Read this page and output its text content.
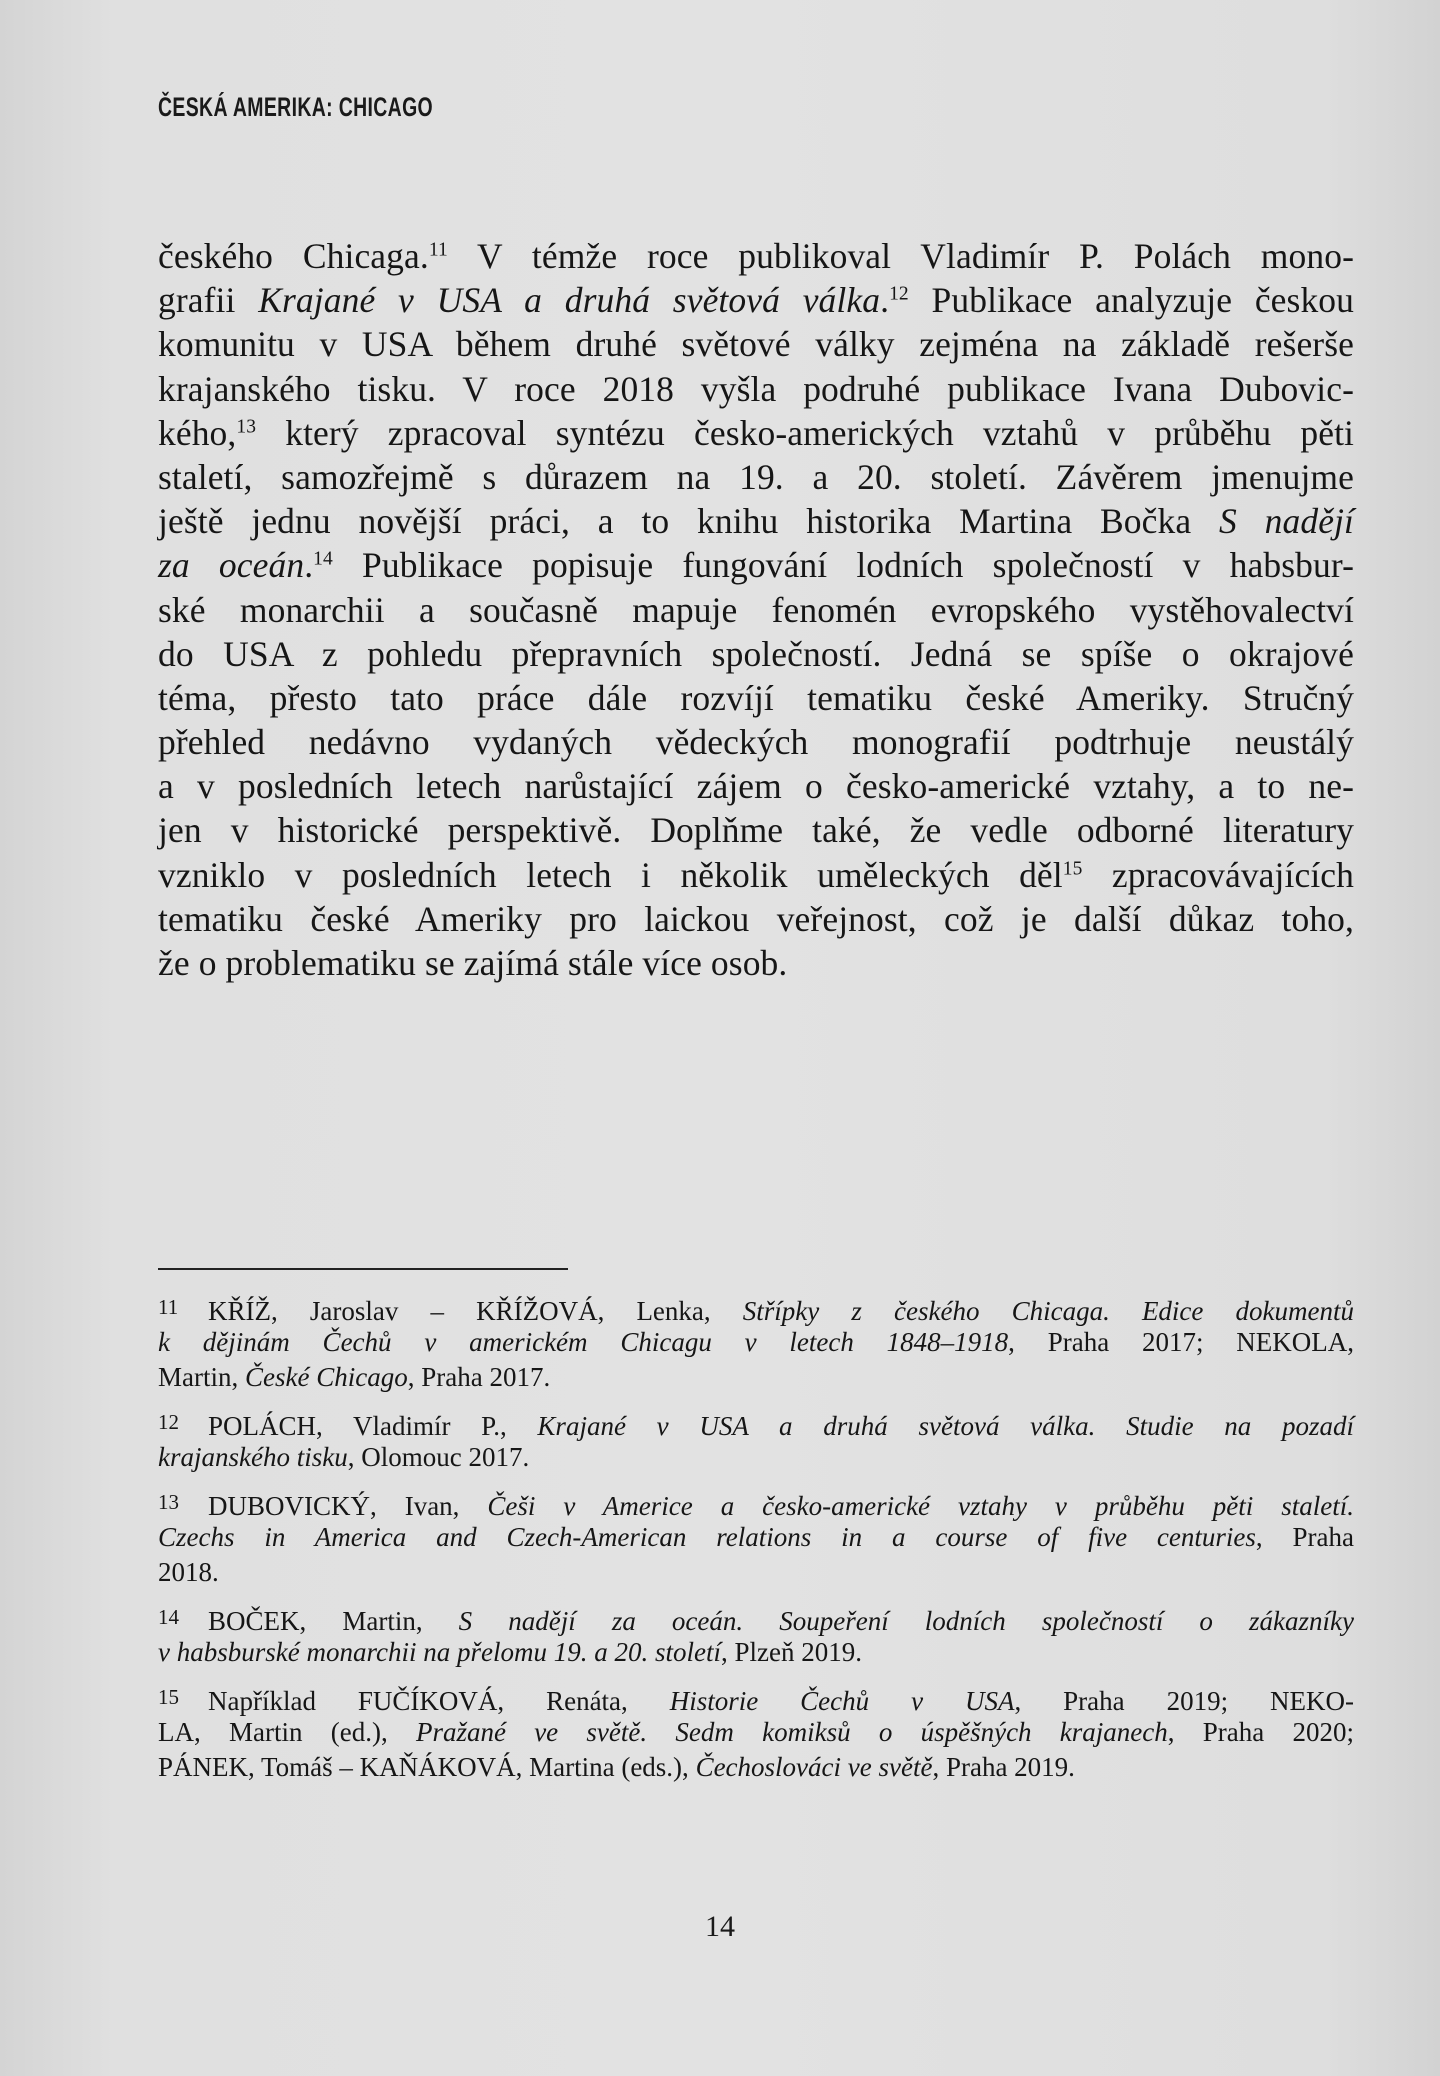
ČESKÁ AMERIKA: CHICAGO
českého Chicaga.$^{11}$ V témže roce publikoval Vladimír P. Polách mono-
grafii Krajané v USA a druhá světová válka.$^{12}$ Publikace analyzuje českou
komunitu v USA během druhé světové války zejména na základě rešerše
krajanského tisku. V roce 2018 vyšla podruhé publikace Ivana Dubovic-
kého,$^{13}$ který zpracoval syntézu česko-amerických vztahů v průběhu pěti
staletí, samozřejmě s důrazem na 19. a 20. století. Závěrem jmenujme
ještě jednu novější práci, a to knihu historika Martina Bočka S nadějí
za oceán.$^{14}$ Publikace popisuje fungování lodních společností v habsbur-
ské monarchii a současně mapuje fenomén evropského vystěhovalectví
do USA z pohledu přepravních společností. Jedná se spíše o okrajové
téma, přesto tato práce dále rozvíjí tematiku české Ameriky. Stručný
přehled nedávno vydaných vědeckých monografií podtrhuje neustálý
a v posledních letech narůstající zájem o česko-americké vztahy, a to ne-
jen v historické perspektivě. Doplňme také, že vedle odborné literatury
vzniklo v posledních letech i několik uměleckých děl$^{15}$ zpracovávajících
tematiku české Ameriky pro laickou veřejnost, což je další důkaz toho,
že o problematiku se zajímá stále více osob.
11 KŘÍŽ, Jaroslav – KŘÍŽOVÁ, Lenka, Střípky z českého Chicaga. Edice dokumentů
k dějinám Čechů v americkém Chicagu v letech 1848–1918, Praha 2017; NEKOLA,
Martin, České Chicago, Praha 2017.
12 POLÁCH, Vladimír P., Krajané v USA a druhá světová válka. Studie na pozadí
krajanského tisku, Olomouc 2017.
13 DUBOVICKÝ, Ivan, Češi v Americe a česko-americké vztahy v průběhu pěti staletí.
Czechs in America and Czech-American relations in a course of five centuries, Praha
2018.
14 BOČEK, Martin, S nadějí za oceán. Soupeření lodních společností o zákazníky
v habsburské monarchii na přelomu 19. a 20. století, Plzeň 2019.
15 Například FUČÍKOVÁ, Renáta, Historie Čechů v USA, Praha 2019; NEKO-
LA, Martin (ed.), Pražané ve světě. Sedm komiksů o úspěšných krajanech, Praha 2020;
PÁNEK, Tomáš – KAŇÁKOVÁ, Martina (eds.), Čechoslováci ve světě, Praha 2019.
14
